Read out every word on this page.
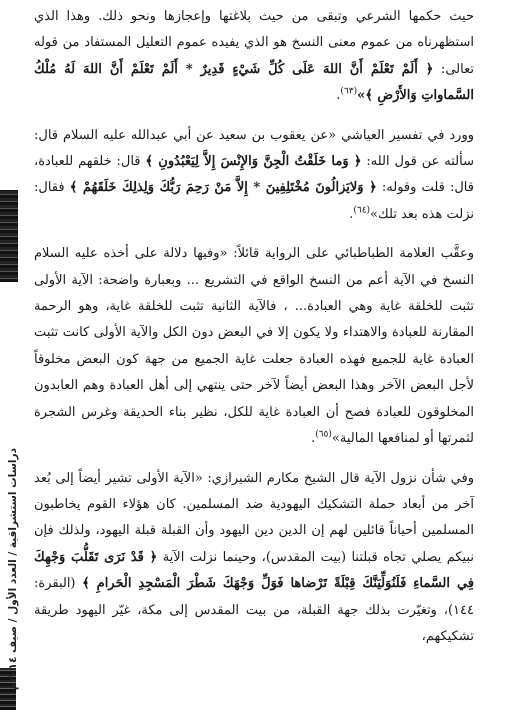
دراسات استشراقية / العدد الأول / صيف ٢٠١٤م

حيث حكمها الشرعي وتبقى من حيث بلاغتها وإعجازها ونحو ذلك. وهذا الذي استظهرناه من عموم معنى النسخ هو الذي يفيده عموم التعليل المستفاد من قوله تعالى: ﴿ أَلَمْ تَعْلَمْ أَنَّ اللهَ عَلَى كُلِّ شَيْءٍ قَدِيرٌ * أَلَمْ تَعْلَمْ أَنَّ اللهَ لَهُ مُلْكُ السَّماواتِ وَالأَرْضِ ﴾»$^{(٦٣)}$.

وورد في تفسير العياشي «عن يعقوب بن سعيد عن أبي عبدالله عليه السلام قال: سألته عن قول الله: ﴿ وَما خَلَقْتُ الْجِنَّ وَالإِنْسَ إِلاَّ لِيَعْبُدُونِ ﴾ قال: خلقهم للعبادة، قال: قلت وقوله: ﴿ وَلايَزالُونَ مُخْتَلِفِينَ * إِلاَّ مَنْ رَحِمَ رَبُّكَ وَلِذلِكَ خَلَقَهُمْ ﴾ فقال: نزلت هذه بعد تلك»$^{(٦٤)}$.

وعقَّب العلامة الطباطبائي على الرواية قائلاً: «وفيها دلالة على أخذه عليه السلام النسخ في الآية أعم من النسخ الواقع في التشريع ... وبعبارة واضحة: الآية الأولى تثبت للخلقة غاية وهي العبادة... ، فالآية الثانية تثبت للخلقة غاية، وهو الرحمة المقارنة للعبادة والاهتداء ولا يكون إلا في البعض دون الكل والآية الأولى كانت تثبت العبادة غاية للجميع فهذه العبادة جعلت غاية الجميع من جهة كون البعض مخلوقاً لأجل البعض الآخر وهذا البعض أيضاً لآخر حتى ينتهي إلى أهل العبادة وهم العابدون المخلوقون للعبادة فصح أن العبادة غاية للكل، نظير بناء الحديقة وغرس الشجرة لثمرتها أو لمنافعها المالية»$^{(٦٥)}$.

وفي شأن نزول الآية قال الشيخ مكارم الشيرازي: «الآية الأولى تشير أيضاً إلى بُعد آخر من أبعاد حملة التشكيك اليهودية ضد المسلمين. كان هؤلاء القوم يخاطبون المسلمين أحياناً قائلين لهم إن الدين دين اليهود وأن القبلة قبلة اليهود، ولذلك فإن نبيكم يصلي تجاه قبلتنا (بيت المقدس)، وحينما نزلت الآية ﴿ قَدْ نَرَى تَقَلُّبَ وَجْهِكَ فِي السَّماءِ فَلَنُوَلِّيَنَّكَ قِبْلَةً تَرْضاها فَوَلِّ وَجْهَكَ شَطْرَ الْمَسْجِدِ الْحَرامِ ﴾ (البقرة: ١٤٤)، وتغيّرت بذلك جهة القبلة، من بيت المقدس إلى مكة، غيّر اليهود طريقة تشكيكهم،
